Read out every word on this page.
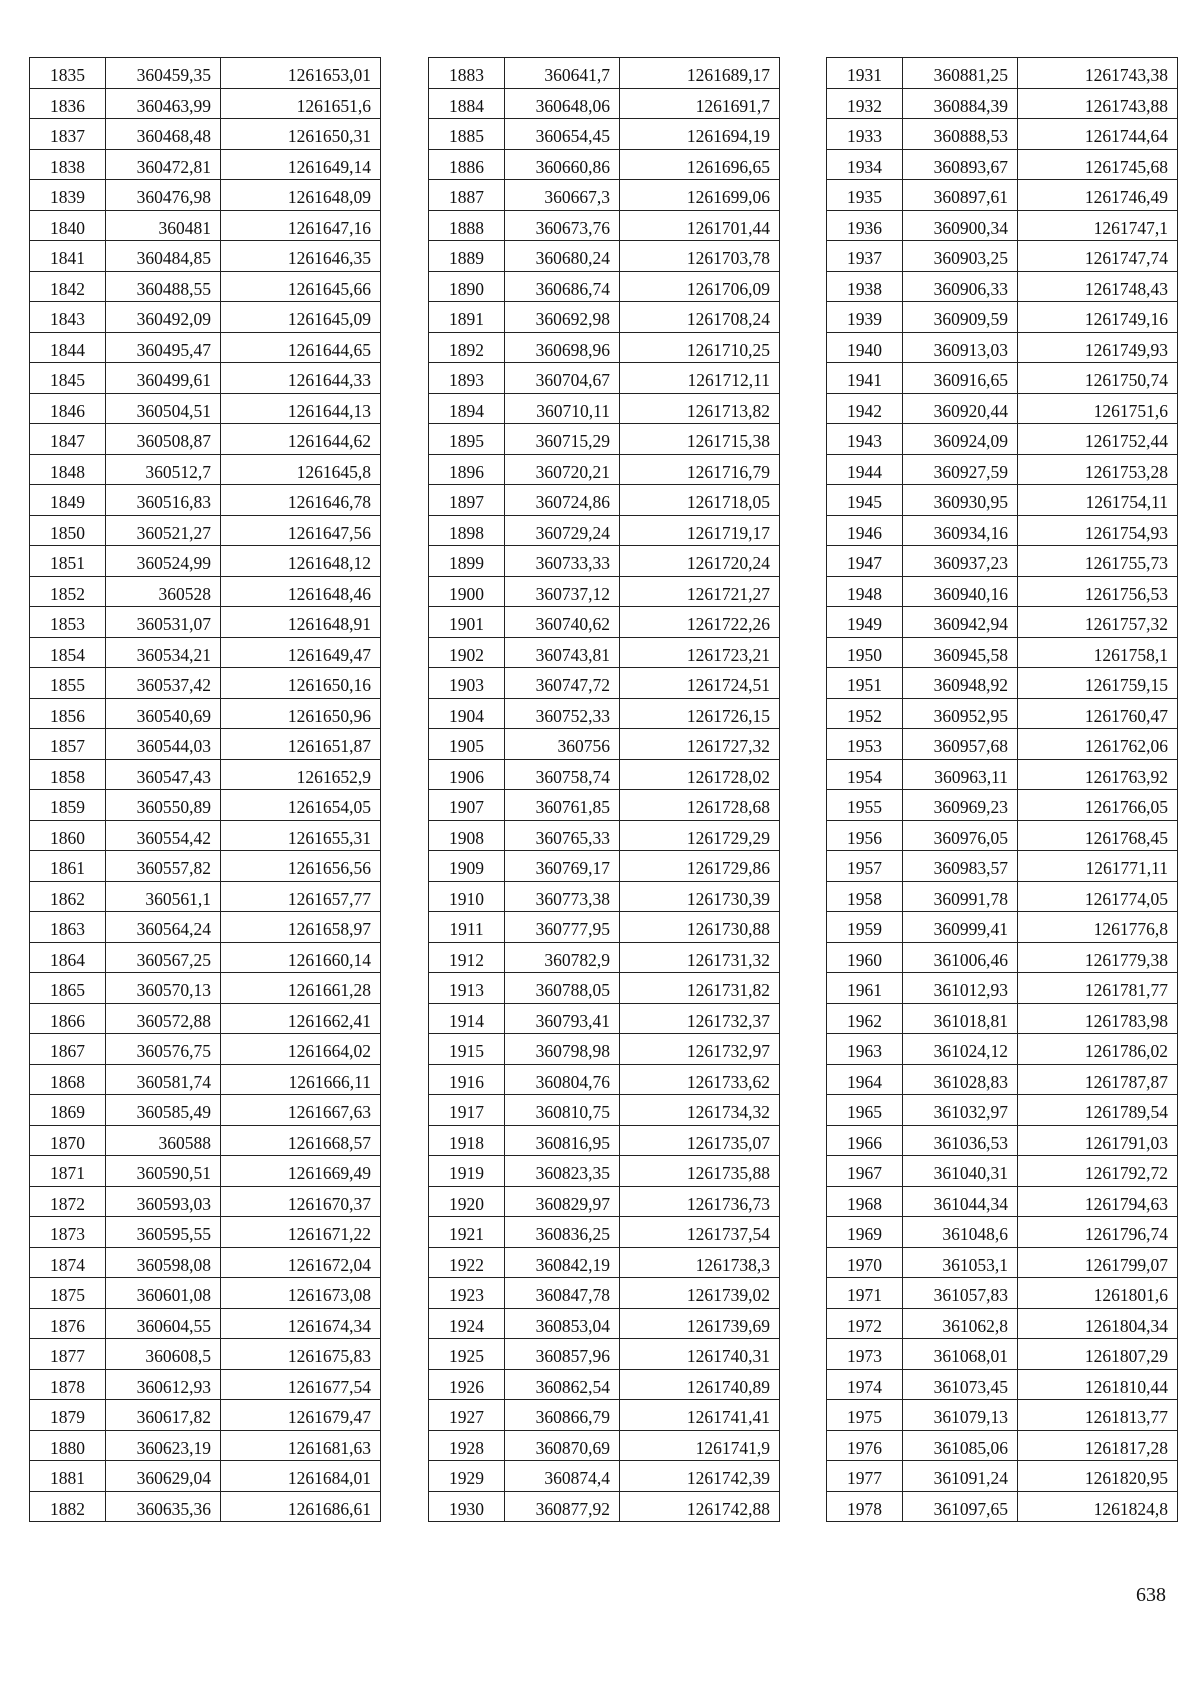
1835	360459,35	1261653,01
1836	360463,99	1261651,6
1837	360468,48	1261650,31
1838	360472,81	1261649,14
1839	360476,98	1261648,09
1840	360481	1261647,16
1841	360484,85	1261646,35
1842	360488,55	1261645,66
1843	360492,09	1261645,09
1844	360495,47	1261644,65
1845	360499,61	1261644,33
1846	360504,51	1261644,13
1847	360508,87	1261644,62
1848	360512,7	1261645,8
1849	360516,83	1261646,78
1850	360521,27	1261647,56
1851	360524,99	1261648,12
1852	360528	1261648,46
1853	360531,07	1261648,91
1854	360534,21	1261649,47
1855	360537,42	1261650,16
1856	360540,69	1261650,96
1857	360544,03	1261651,87
1858	360547,43	1261652,9
1859	360550,89	1261654,05
1860	360554,42	1261655,31
1861	360557,82	1261656,56
1862	360561,1	1261657,77
1863	360564,24	1261658,97
1864	360567,25	1261660,14
1865	360570,13	1261661,28
1866	360572,88	1261662,41
1867	360576,75	1261664,02
1868	360581,74	1261666,11
1869	360585,49	1261667,63
1870	360588	1261668,57
1871	360590,51	1261669,49
1872	360593,03	1261670,37
1873	360595,55	1261671,22
1874	360598,08	1261672,04
1875	360601,08	1261673,08
1876	360604,55	1261674,34
1877	360608,5	1261675,83
1878	360612,93	1261677,54
1879	360617,82	1261679,47
1880	360623,19	1261681,63
1881	360629,04	1261684,01
1882	360635,36	1261686,61
1883	360641,7	1261689,17
1884	360648,06	1261691,7
1885	360654,45	1261694,19
1886	360660,86	1261696,65
1887	360667,3	1261699,06
1888	360673,76	1261701,44
1889	360680,24	1261703,78
1890	360686,74	1261706,09
1891	360692,98	1261708,24
1892	360698,96	1261710,25
1893	360704,67	1261712,11
1894	360710,11	1261713,82
1895	360715,29	1261715,38
1896	360720,21	1261716,79
1897	360724,86	1261718,05
1898	360729,24	1261719,17
1899	360733,33	1261720,24
1900	360737,12	1261721,27
1901	360740,62	1261722,26
1902	360743,81	1261723,21
1903	360747,72	1261724,51
1904	360752,33	1261726,15
1905	360756	1261727,32
1906	360758,74	1261728,02
1907	360761,85	1261728,68
1908	360765,33	1261729,29
1909	360769,17	1261729,86
1910	360773,38	1261730,39
1911	360777,95	1261730,88
1912	360782,9	1261731,32
1913	360788,05	1261731,82
1914	360793,41	1261732,37
1915	360798,98	1261732,97
1916	360804,76	1261733,62
1917	360810,75	1261734,32
1918	360816,95	1261735,07
1919	360823,35	1261735,88
1920	360829,97	1261736,73
1921	360836,25	1261737,54
1922	360842,19	1261738,3
1923	360847,78	1261739,02
1924	360853,04	1261739,69
1925	360857,96	1261740,31
1926	360862,54	1261740,89
1927	360866,79	1261741,41
1928	360870,69	1261741,9
1929	360874,4	1261742,39
1930	360877,92	1261742,88
1931	360881,25	1261743,38
1932	360884,39	1261743,88
1933	360888,53	1261744,64
1934	360893,67	1261745,68
1935	360897,61	1261746,49
1936	360900,34	1261747,1
1937	360903,25	1261747,74
1938	360906,33	1261748,43
1939	360909,59	1261749,16
1940	360913,03	1261749,93
1941	360916,65	1261750,74
1942	360920,44	1261751,6
1943	360924,09	1261752,44
1944	360927,59	1261753,28
1945	360930,95	1261754,11
1946	360934,16	1261754,93
1947	360937,23	1261755,73
1948	360940,16	1261756,53
1949	360942,94	1261757,32
1950	360945,58	1261758,1
1951	360948,92	1261759,15
1952	360952,95	1261760,47
1953	360957,68	1261762,06
1954	360963,11	1261763,92
1955	360969,23	1261766,05
1956	360976,05	1261768,45
1957	360983,57	1261771,11
1958	360991,78	1261774,05
1959	360999,41	1261776,8
1960	361006,46	1261779,38
1961	361012,93	1261781,77
1962	361018,81	1261783,98
1963	361024,12	1261786,02
1964	361028,83	1261787,87
1965	361032,97	1261789,54
1966	361036,53	1261791,03
1967	361040,31	1261792,72
1968	361044,34	1261794,63
1969	361048,6	1261796,74
1970	361053,1	1261799,07
1971	361057,83	1261801,6
1972	361062,8	1261804,34
1973	361068,01	1261807,29
1974	361073,45	1261810,44
1975	361079,13	1261813,77
1976	361085,06	1261817,28
1977	361091,24	1261820,95
1978	361097,65	1261824,8
638
